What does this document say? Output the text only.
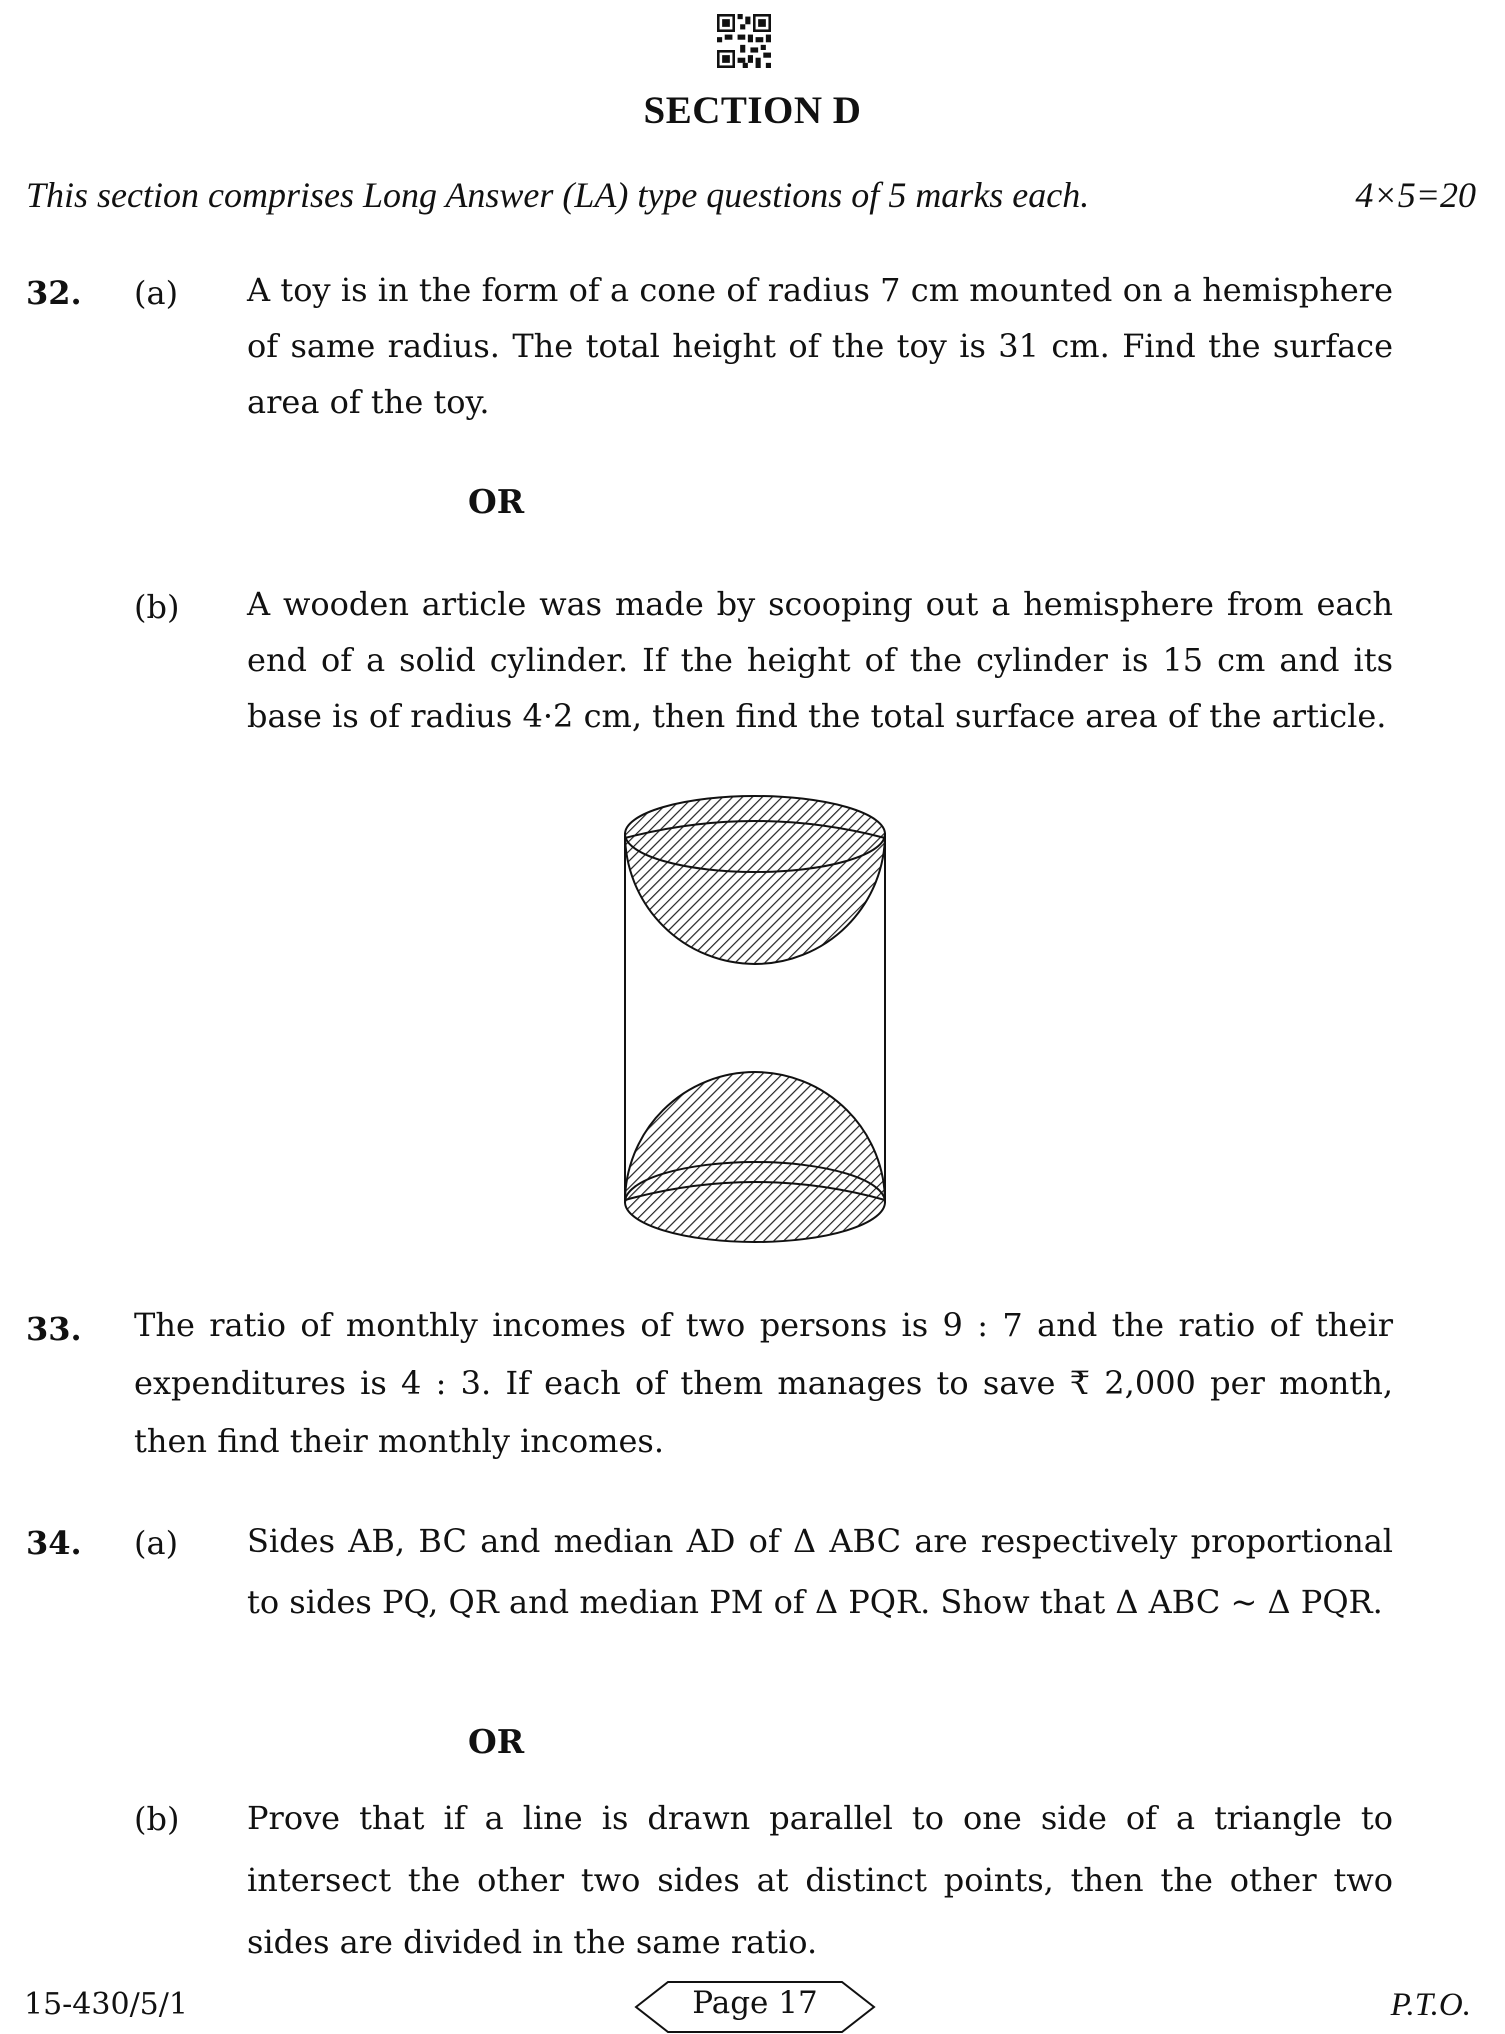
SECTION D
This section comprises Long Answer (LA) type questions of 5 marks each.	4×5=20
32. (a) A toy is in the form of a cone of radius 7 cm mounted on a hemisphere of same radius. The total height of the toy is 31 cm. Find the surface area of the toy.
OR
(b) A wooden article was made by scooping out a hemisphere from each end of a solid cylinder. If the height of the cylinder is 15 cm and its base is of radius 4·2 cm, then find the total surface area of the article.
33. The ratio of monthly incomes of two persons is 9 : 7 and the ratio of their expenditures is 4 : 3. If each of them manages to save ₹ 2,000 per month, then find their monthly incomes.
34. (a) Sides AB, BC and median AD of Δ ABC are respectively proportional to sides PQ, QR and median PM of Δ PQR. Show that Δ ABC ~ Δ PQR.
OR
(b) Prove that if a line is drawn parallel to one side of a triangle to intersect the other two sides at distinct points, then the other two sides are divided in the same ratio.
15-430/5/1	Page 17	P.T.O.
